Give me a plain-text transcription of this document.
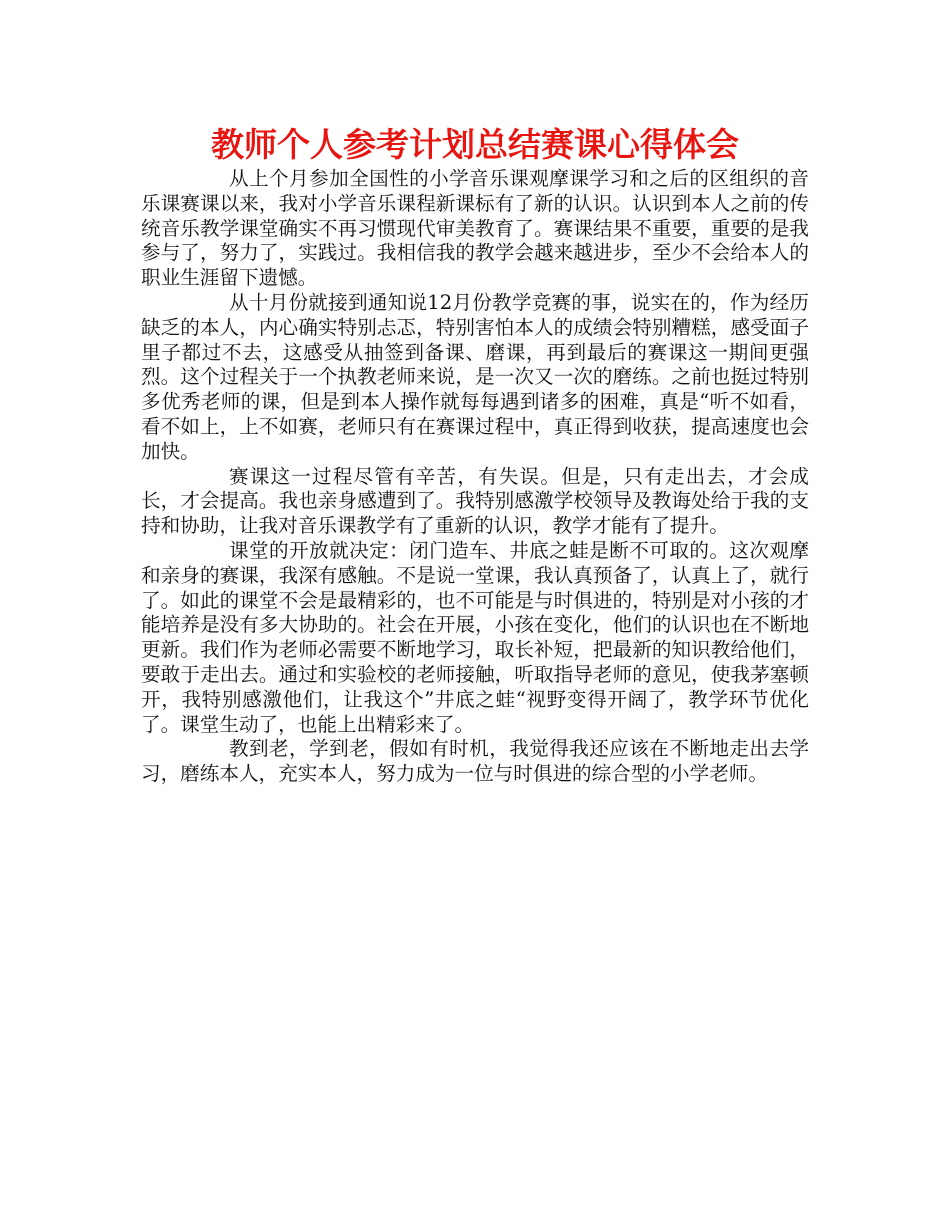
教师个人参考计划总结赛课心得体会

从上个月参加全国性的小学音乐课观摩课学习和之后的区组织的音乐课赛课以来，我对小学音乐课程新课标有了新的认识。认识到本人之前的传统音乐教学课堂确实不再习惯现代审美教育了。赛课结果不重要，重要的是我参与了，努力了，实践过。我相信我的教学会越来越进步，至少不会给本人的职业生涯留下遗憾。

从十月份就接到通知说12月份教学竞赛的事，说实在的，作为经历缺乏的本人，内心确实特别忐忑，特别害怕本人的成绩会特别糟糕，感受面子里子都过不去，这感受从抽签到备课、磨课，再到最后的赛课这一期间更强烈。这个过程关于一个执教老师来说，是一次又一次的磨练。之前也挺过特别多优秀老师的课，但是到本人操作就每每遇到诸多的困难，真是“听不如看，看不如上，上不如赛，老师只有在赛课过程中，真正得到收获，提高速度也会加快。

赛课这一过程尽管有辛苦，有失误。但是，只有走出去，才会成长，才会提高。我也亲身感遭到了。我特别感激学校领导及教诲处给于我的支持和协助，让我对音乐课教学有了重新的认识，教学才能有了提升。

课堂的开放就决定：闭门造车、井底之蛙是断不可取的。这次观摩和亲身的赛课，我深有感触。不是说一堂课，我认真预备了，认真上了，就行了。如此的课堂不会是最精彩的，也不可能是与时俱进的，特别是对小孩的才能培养是没有多大协助的。社会在开展，小孩在变化，他们的认识也在不断地更新。我们作为老师必需要不断地学习，取长补短，把最新的知识教给他们，要敢于走出去。通过和实验校的老师接触，听取指导老师的意见，使我茅塞顿开，我特别感激他们，让我这个”井底之蛙“视野变得开阔了，教学环节优化了。课堂生动了，也能上出精彩来了。

教到老，学到老，假如有时机，我觉得我还应该在不断地走出去学习，磨练本人，充实本人，努力成为一位与时俱进的综合型的小学老师。
